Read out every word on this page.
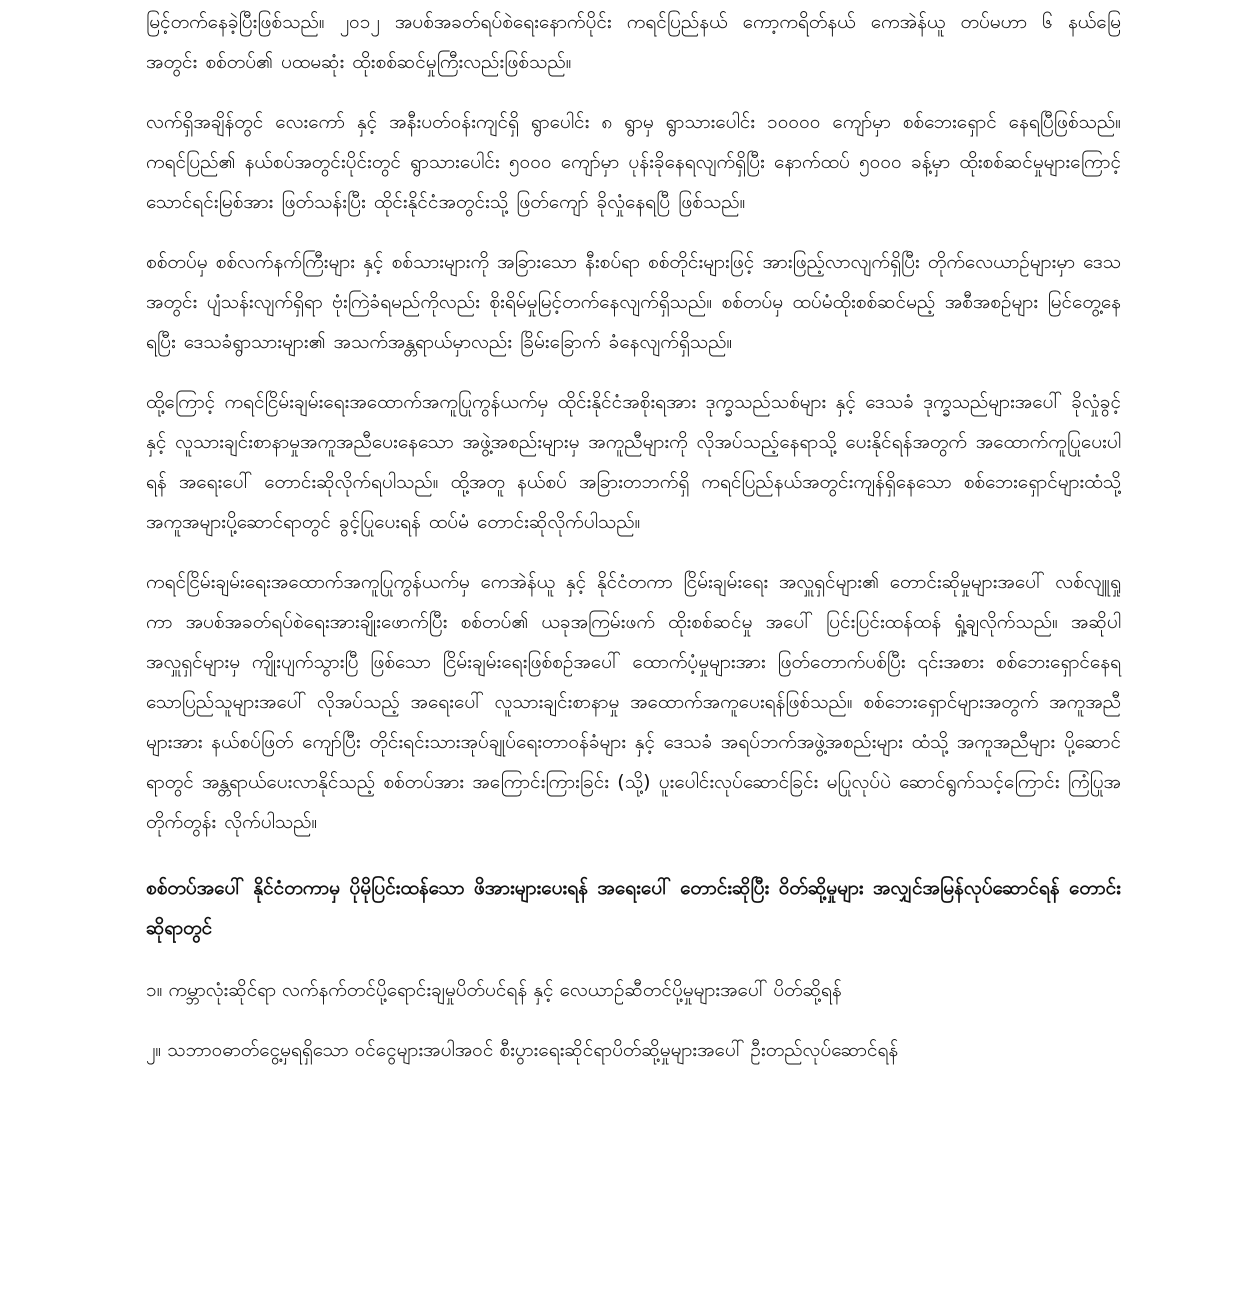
မြင့်တက်နေခဲ့ပြီးဖြစ်သည်။ ၂၀၁၂ အပစ်အခတ်ရပ်စဲရေးနောက်ပိုင်း ကရင်ပြည်နယ် ကော့ကရိတ်နယ် ကေအဲန်ယူ တပ်မဟာ ၆ နယ်မြေ အတွင်း စစ်တပ်၏ ပထမဆုံး ထိုးစစ်ဆင်မှုကြီးလည်းဖြစ်သည်။

လက်ရှိအချိန်တွင် လေးကော် နှင့် အနီးပတ်ဝန်းကျင်ရှိ ရွာပေါင်း ၈ ရွာမှ ရွာသားပေါင်း ၁၀၀၀၀ ကျော်မှာ စစ်ဘေးရှောင် နေရပြီဖြစ်သည်။ ကရင်ပြည်၏ နယ်စပ်အတွင်းပိုင်းတွင် ရွာသားပေါင်း ၅၀၀၀ ကျော်မှာ ပုန်းခိုနေရလျက်ရှိပြီး နောက်ထပ် ၅၀၀၀ ခန့်မှာ ထိုးစစ်ဆင်မှုများကြောင့် သောင်ရင်းမြစ်အား ဖြတ်သန်းပြီး ထိုင်းနိုင်ငံအတွင်းသို့ ဖြတ်ကျော် ခိုလှုံနေရပြီ ဖြစ်သည်။

စစ်တပ်မှ စစ်လက်နက်ကြီးများ နှင့် စစ်သားများကို အခြားသော နီးစပ်ရာ စစ်တိုင်းများဖြင့် အားဖြည့်လာလျက်ရှိပြီး တိုက်လေယာဉ်များမှာ ဒေသအတွင်း ပျံသန်းလျက်ရှိရာ ဗုံးကြဲခံရမည်ကိုလည်း စိုးရိမ်မှုမြင့်တက်နေလျက်ရှိသည်။ စစ်တပ်မှ ထပ်မံထိုးစစ်ဆင်မည့် အစီအစဉ်များ မြင်တွေ့နေရပြီး ဒေသခံရွာသားများ၏ အသက်အန္တရာယ်မှာလည်း ခြိမ်းခြောက် ခံနေလျက်ရှိသည်။

ထို့ကြောင့် ကရင်ငြိမ်းချမ်းရေးအထောက်အကူပြုကွန်ယက်မှ ထိုင်းနိုင်ငံအစိုးရအား ဒုက္ခသည်သစ်များ နှင့် ဒေသခံ ဒုက္ခသည်များအပေါ် ခိုလှုံခွင့် နှင့် လူသားချင်းစာနာမှုအကူအညီပေးနေသော အဖွဲ့အစည်းများမှ အကူညီများကို လိုအပ်သည့်နေရာသို့ ပေးနိုင်ရန်အတွက် အထောက်ကူပြုပေးပါရန် အရေးပေါ် တောင်းဆိုလိုက်ရပါသည်။ ထို့အတူ နယ်စပ် အခြားတဘက်ရှိ ကရင်ပြည်နယ်အတွင်းကျန်ရှိနေသော စစ်ဘေးရှောင်များထံသို့ အကူအများပို့ဆောင်ရာတွင် ခွင့်ပြုပေးရန် ထပ်မံ တောင်းဆိုလိုက်ပါသည်။

ကရင်ငြိမ်းချမ်းရေးအထောက်အကူပြုကွန်ယက်မှ ကေအဲန်ယူ နှင့် နိုင်ငံတကာ ငြိမ်းချမ်းရေး အလှူရှင်များ၏ တောင်းဆိုမှုများအပေါ် လစ်လျူရှုကာ အပစ်အခတ်ရပ်စဲရေးအားချိုးဖောက်ပြီး စစ်တပ်၏ ယခုအကြမ်းဖက် ထိုးစစ်ဆင်မှု အပေါ် ပြင်းပြင်းထန်ထန် ရှုံ့ချလိုက်သည်။ အဆိုပါ အလှူရှင်များမှ ကျိုးပျက်သွားပြီ ဖြစ်သော ငြိမ်းချမ်းရေးဖြစ်စဉ်အပေါ် ထောက်ပံ့မှုများအား ဖြတ်တောက်ပစ်ပြီး ၎င်းအစား စစ်ဘေးရှောင်နေရသောပြည်သူများအပေါ် လိုအပ်သည့် အရေးပေါ် လူသားချင်းစာနာမှု အထောက်အကူပေးရန်ဖြစ်သည်။ စစ်ဘေးရှောင်များအတွက် အကူအညီများအား နယ်စပ်ဖြတ် ကျော်ပြီး တိုင်းရင်းသားအုပ်ချုပ်ရေးတာဝန်ခံများ နှင့် ဒေသခံ အရပ်ဘက်အဖွဲ့အစည်းများ ထံသို့ အကူအညီများ ပို့ဆောင်ရာတွင် အန္တရာယ်ပေးလာနိုင်သည့် စစ်တပ်အား အကြောင်းကြားခြင်း (သို့) ပူးပေါင်းလုပ်ဆောင်ခြင်း မပြုလုပ်ပဲ ဆောင်ရွက်သင့်ကြောင်း ကြံပြုအတိုက်တွန်း လိုက်ပါသည်။

စစ်တပ်အပေါ် နိုင်ငံတကာမှ ပိုမိုပြင်းထန်သော ဖိအားများပေးရန် အရေးပေါ် တောင်းဆိုပြီး ဝိတ်ဆို့မှုများ အလျှင်အမြန်လုပ်ဆောင်ရန် တောင်းဆိုရာတွင်

၁။ ကမ္ဘာလုံးဆိုင်ရာ လက်နက်တင်ပို့ရောင်းချမှုပိတ်ပင်ရန် နှင့် လေယာဉ်ဆီတင်ပို့မှုများအပေါ် ပိတ်ဆို့ရန်

၂။ သဘာဝဓာတ်ငွေ့မှရရှိသော ဝင်ငွေများအပါအဝင် စီးပွားရေးဆိုင်ရာပိတ်ဆို့မှုများအပေါ် ဦးတည်လုပ်ဆောင်ရန်
